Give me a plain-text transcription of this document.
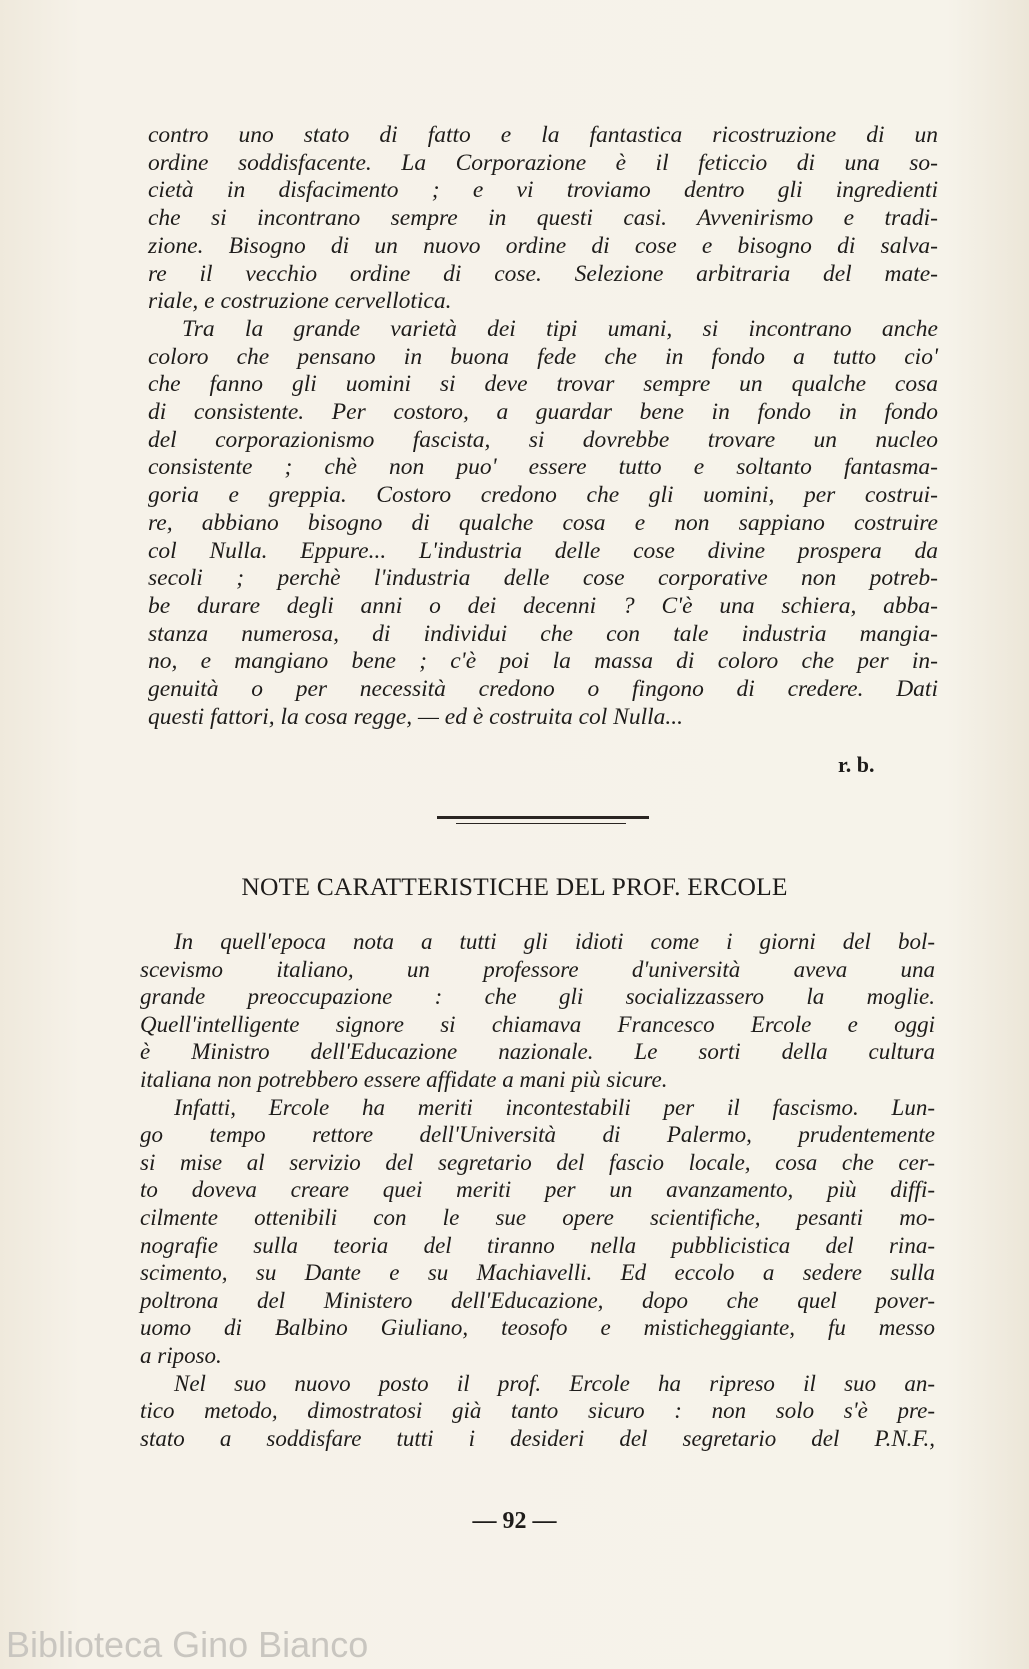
contro uno stato di fatto e la fantastica ricostruzione di un
ordine soddisfacente. La Corporazione è il feticcio di una so-
cietà in disfacimento ; e vi troviamo dentro gli ingredienti
che si incontrano sempre in questi casi. Avvenirismo e tradi-
zione. Bisogno di un nuovo ordine di cose e bisogno di salva-
re il vecchio ordine di cose. Selezione arbitraria del mate-
riale, e costruzione cervellotica.
Tra la grande varietà dei tipi umani, si incontrano anche
coloro che pensano in buona fede che in fondo a tutto cio'
che fanno gli uomini si deve trovar sempre un qualche cosa
di consistente. Per costoro, a guardar bene in fondo in fondo
del corporazionismo fascista, si dovrebbe trovare un nucleo
consistente ; chè non puo' essere tutto e soltanto fantasma-
goria e greppia. Costoro credono che gli uomini, per costrui-
re, abbiano bisogno di qualche cosa e non sappiano costruire
col Nulla. Eppure... L'industria delle cose divine prospera da
secoli ; perchè l'industria delle cose corporative non potreb-
be durare degli anni o dei decenni ? C'è una schiera, abba-
stanza numerosa, di individui che con tale industria mangia-
no, e mangiano bene ; c'è poi la massa di coloro che per in-
genuità o per necessità credono o fingono di credere. Dati
questi fattori, la cosa regge, — ed è costruita col Nulla...
r. b.
NOTE CARATTERISTICHE DEL PROF. ERCOLE
In quell'epoca nota a tutti gli idioti come i giorni del bol-
scevismo italiano, un professore d'università aveva una
grande preoccupazione : che gli socializzassero la moglie.
Quell'intelligente signore si chiamava Francesco Ercole e oggi
è Ministro dell'Educazione nazionale. Le sorti della cultura
italiana non potrebbero essere affidate a mani più sicure.
Infatti, Ercole ha meriti incontestabili per il fascismo. Lun-
go tempo rettore dell'Università di Palermo, prudentemente
si mise al servizio del segretario del fascio locale, cosa che cer-
to doveva creare quei meriti per un avanzamento, più diffi-
cilmente ottenibili con le sue opere scientifiche, pesanti mo-
nografie sulla teoria del tiranno nella pubblicistica del rina-
scimento, su Dante e su Machiavelli. Ed eccolo a sedere sulla
poltrona del Ministero dell'Educazione, dopo che quel pover-
uomo di Balbino Giuliano, teosofo e misticheggiante, fu messo
a riposo.
Nel suo nuovo posto il prof. Ercole ha ripreso il suo an-
tico metodo, dimostratosi già tanto sicuro : non solo s'è pre-
stato a soddisfare tutti i desideri del segretario del P.N.F.,
— 92 —
Biblioteca Gino Bianco
